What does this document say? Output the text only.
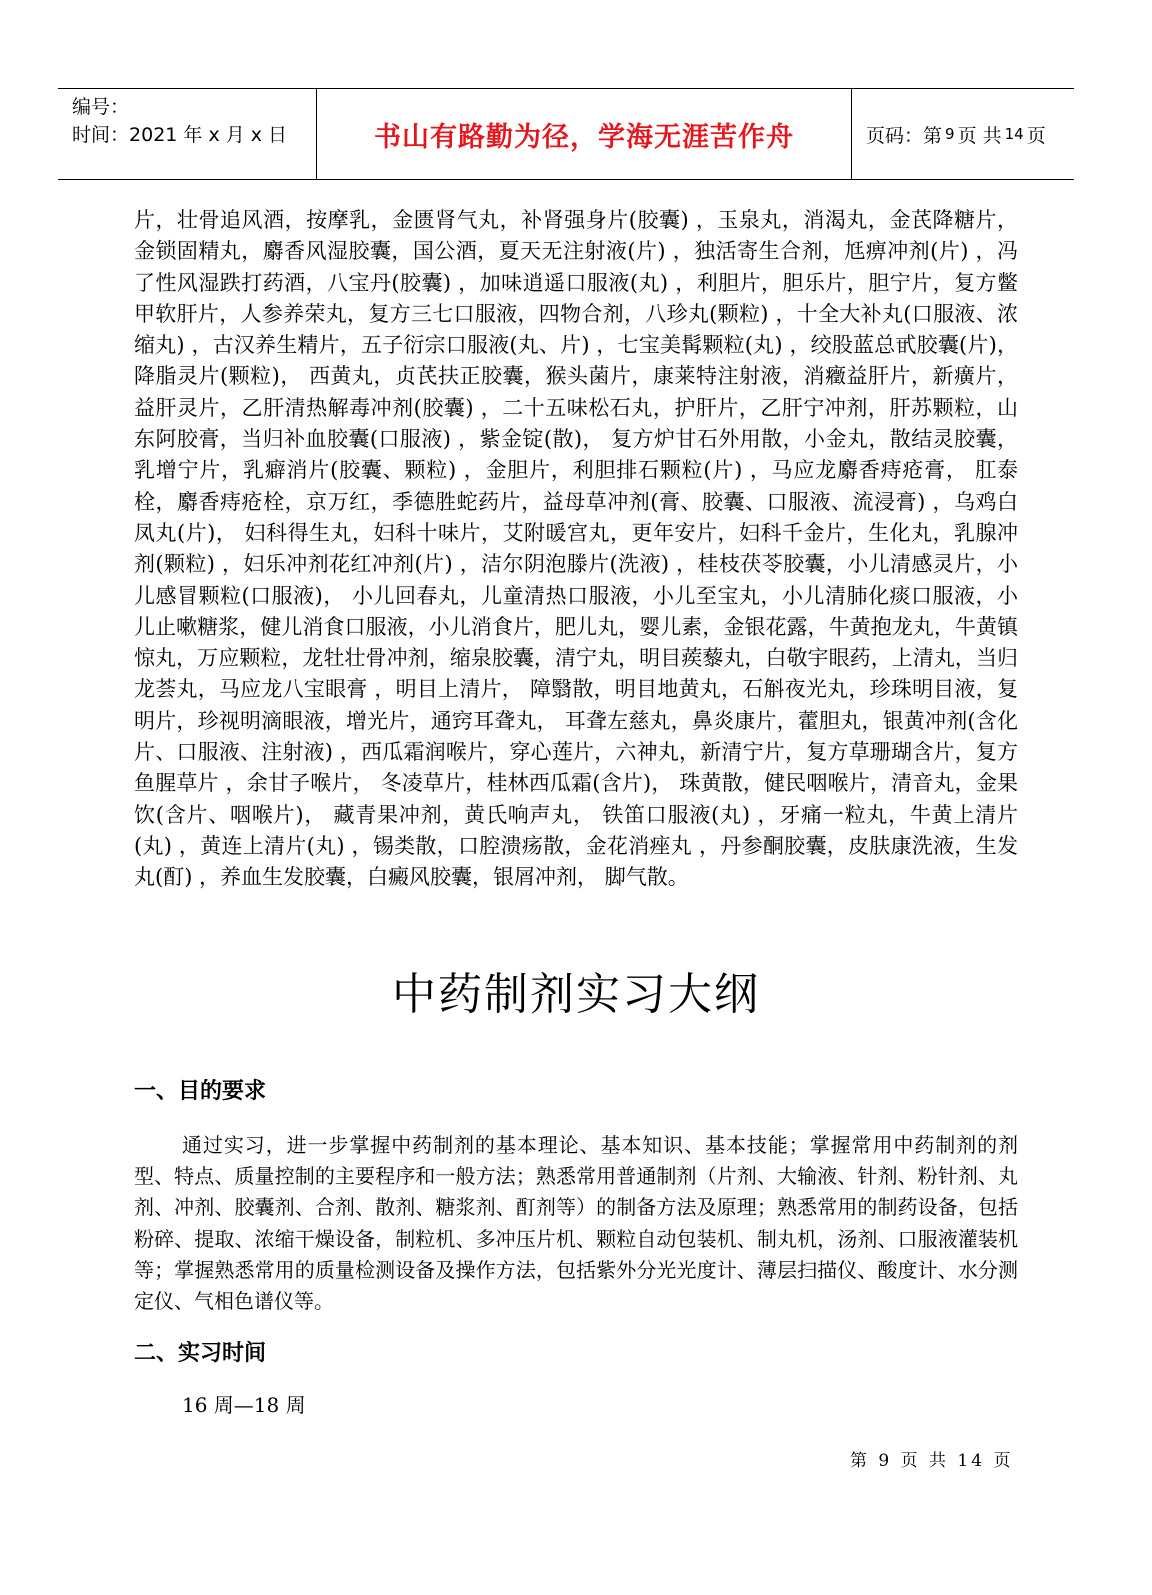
编号：
时间：2021 年 x 月 x 日	书山有路勤为径，学海无涯苦作舟	页码：第 9 页 共 14 页
片，壮骨追风酒，按摩乳，金匮肾气丸，补肾强身片(胶囊) ，玉泉丸，消渴丸，金芪降糖片，金锁固精丸，麝香风湿胶囊，国公酒，夏天无注射液(片) ，独活寄生合剂，尪痹冲剂(片) ，冯了性风湿跌打药酒，八宝丹(胶囊) ，加味逍遥口服液(丸) ，利胆片，胆乐片，胆宁片，复方鳖甲软肝片，人参养荣丸，复方三七口服液，四物合剂，八珍丸(颗粒) ，十全大补丸(口服液、浓缩丸) ，古汉养生精片，五子衍宗口服液(丸、片) ，七宝美髯颗粒(丸) ，绞股蓝总甙胶囊(片)， 降脂灵片(颗粒)， 西黄丸，贞芪扶正胶囊，猴头菌片，康莱特注射液，消癥益肝片，新癀片，益肝灵片，乙肝清热解毒冲剂(胶囊) ，二十五味松石丸，护肝片，乙肝宁冲剂，肝苏颗粒，山东阿胶膏，当归补血胶囊(口服液) ，紫金锭(散)， 复方炉甘石外用散，小金丸，散结灵胶囊，乳增宁片，乳癖消片(胶囊、颗粒) ，金胆片，利胆排石颗粒(片) ，马应龙麝香痔疮膏， 肛泰栓，麝香痔疮栓，京万红，季德胜蛇药片，益母草冲剂(膏、胶囊、口服液、流浸膏) ，乌鸡白凤丸(片)， 妇科得生丸，妇科十味片，艾附暖宫丸，更年安片，妇科千金片，生化丸，乳腺冲剂(颗粒) ，妇乐冲剂花红冲剂(片) ，洁尔阴泡滕片(洗液) ，桂枝茯苓胶囊，小儿清感灵片，小儿感冒颗粒(口服液)， 小儿回春丸，儿童清热口服液，小儿至宝丸，小儿清肺化痰口服液，小儿止嗽糖浆，健儿消食口服液，小儿消食片，肥儿丸，婴儿素，金银花露，牛黄抱龙丸，牛黄镇惊丸，万应颗粒，龙牡壮骨冲剂，缩泉胶囊，清宁丸，明目蒺藜丸，白敬宇眼药，上清丸，当归龙荟丸，马应龙八宝眼膏 ，明目上清片， 障翳散，明目地黄丸，石斛夜光丸，珍珠明目液，复明片，珍视明滴眼液，增光片，通窍耳聋丸， 耳聋左慈丸，鼻炎康片，藿胆丸，银黄冲剂(含化片、口服液、注射液) ，西瓜霜润喉片，穿心莲片，六神丸，新清宁片，复方草珊瑚含片，复方鱼腥草片 ，余甘子喉片， 冬凌草片，桂林西瓜霜(含片)， 珠黄散，健民咽喉片，清音丸，金果饮(含片、咽喉片)， 藏青果冲剂，黄氏响声丸， 铁笛口服液(丸) ，牙痛一粒丸，牛黄上清片(丸) ，黄连上清片(丸) ，锡类散，口腔溃疡散，金花消痤丸 ，丹参酮胶囊，皮肤康洗液，生发丸(酊) ，养血生发胶囊，白癜风胶囊，银屑冲剂， 脚气散。
中药制剂实习大纲
一、目的要求
通过实习，进一步掌握中药制剂的基本理论、基本知识、基本技能；掌握常用中药制剂的剂型、特点、质量控制的主要程序和一般方法；熟悉常用普通制剂（片剂、大输液、针剂、粉针剂、丸剂、冲剂、胶囊剂、合剂、散剂、糖浆剂、酊剂等）的制备方法及原理；熟悉常用的制药设备，包括粉碎、提取、浓缩干燥设备，制粒机、多冲压片机、颗粒自动包装机、制丸机，汤剂、口服液灌装机等；掌握熟悉常用的质量检测设备及操作方法，包括紫外分光光度计、薄层扫描仪、酸度计、水分测定仪、气相色谱仪等。
二、实习时间
16 周—18 周
第 9 页 共 14 页
